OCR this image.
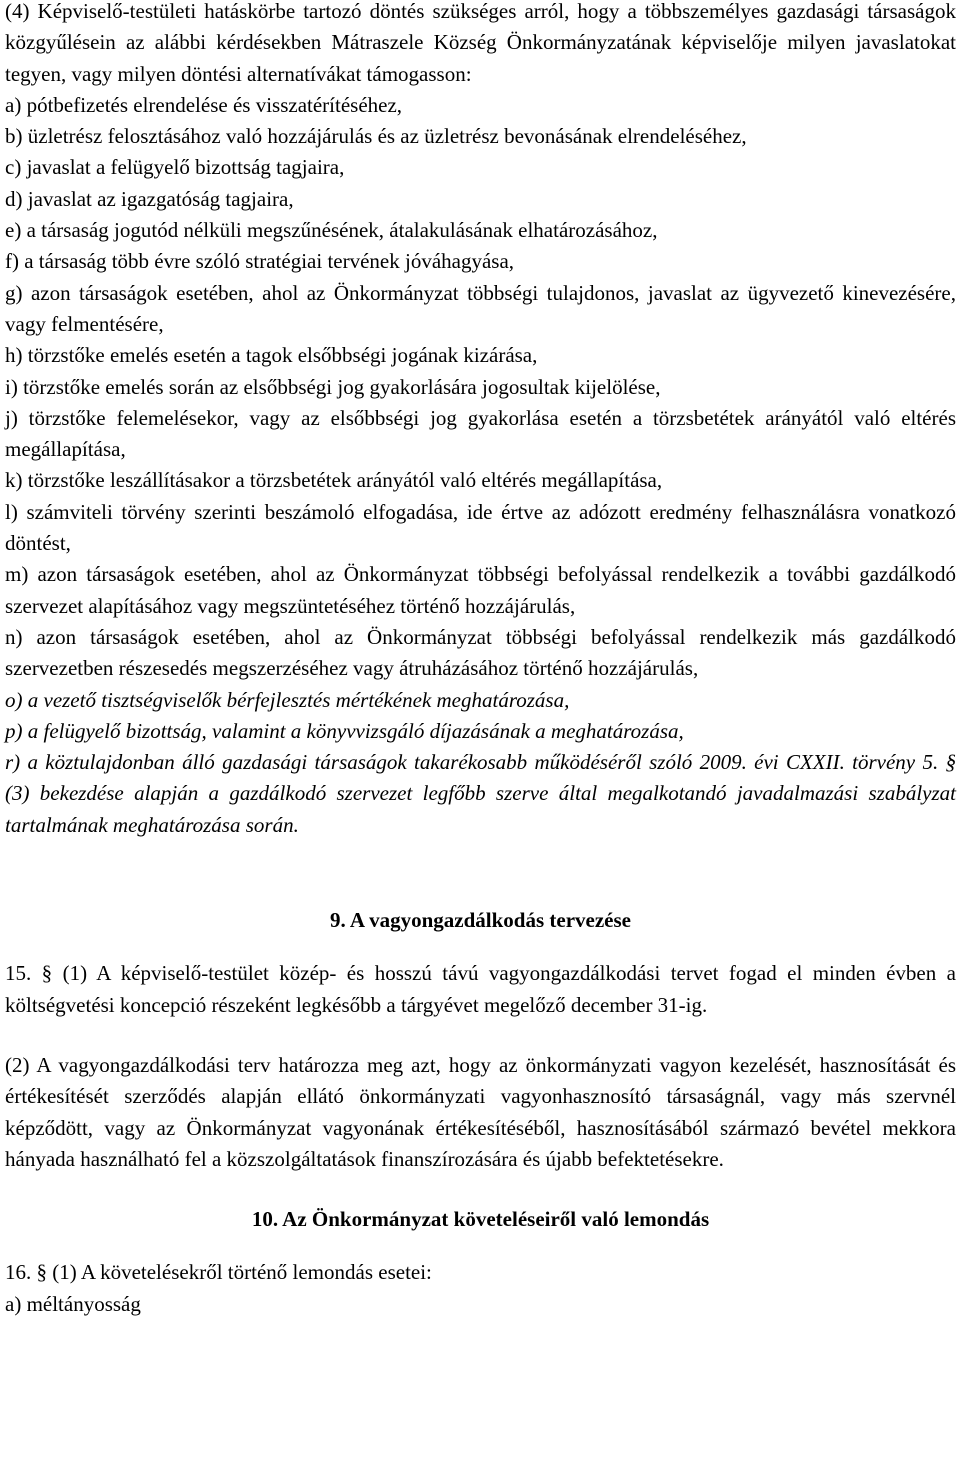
(4) Képviselő-testületi hatáskörbe tartozó döntés szükséges arról, hogy a többszemélyes gazdasági társaságok közgyűlésein az alábbi kérdésekben Mátraszele Község Önkormányzatának képviselője milyen javaslatokat tegyen, vagy milyen döntési alternatívákat támogasson:

a) pótbefizetés elrendelése és visszatérítéséhez,

b) üzletrész felosztásához való hozzájárulás és az üzletrész bevonásának elrendeléséhez,

c) javaslat a felügyelő bizottság tagjaira,

d) javaslat az igazgatóság tagjaira,

e) a társaság jogutód nélküli megszűnésének, átalakulásának elhatározásához,

f) a társaság több évre szóló stratégiai tervének jóváhagyása,

g) azon társaságok esetében, ahol az Önkormányzat többségi tulajdonos, javaslat az ügyvezető kinevezésére, vagy felmentésére,

h) törzstőke emelés esetén a tagok elsőbbségi jogának kizárása,

i) törzstőke emelés során az elsőbbségi jog gyakorlására jogosultak kijelölése,

j) törzstőke felemelésekor, vagy az elsőbbségi jog gyakorlása esetén a törzsbetétek arányától való eltérés megállapítása,

k) törzstőke leszállításakor a törzsbetétek arányától való eltérés megállapítása,

l) számviteli törvény szerinti beszámoló elfogadása, ide értve az adózott eredmény felhasználásra vonatkozó döntést,

m) azon társaságok esetében, ahol az Önkormányzat többségi befolyással rendelkezik a további gazdálkodó szervezet alapításához vagy megszüntetéséhez történő hozzájárulás,

n) azon társaságok esetében, ahol az Önkormányzat többségi befolyással rendelkezik más gazdálkodó szervezetben részesedés megszerzéséhez vagy átruházásához történő hozzájárulás,

o) a vezető tisztségviselők bérfejlesztés mértékének meghatározása,

p) a felügyelő bizottság, valamint a könyvvizsgáló díjazásának a meghatározása,

r) a köztulajdonban álló gazdasági társaságok takarékosabb működéséről szóló 2009. évi CXXII. törvény 5. § (3) bekezdése alapján a gazdálkodó szervezet legfőbb szerve által megalkotandó javadalmazási szabályzat tartalmának meghatározása során.

9. A vagyongazdálkodás tervezése

15. § (1) A képviselő-testület közép- és hosszú távú vagyongazdálkodási tervet fogad el minden évben a költségvetési koncepció részeként legkésőbb a tárgyévet megelőző december 31-ig.

(2) A vagyongazdálkodási terv határozza meg azt, hogy az önkormányzati vagyon kezelését, hasznosítását és értékesítését szerződés alapján ellátó önkormányzati vagyonhasznosító társaságnál, vagy más szervnél képződött, vagy az Önkormányzat vagyonának értékesítéséből, hasznosításából származó bevétel mekkora hányada használható fel a közszolgáltatások finanszírozására és újabb befektetésekre.

10. Az Önkormányzat követeléseiről való lemondás

16. § (1) A követelésekről történő lemondás esetei:

a) méltányosság
